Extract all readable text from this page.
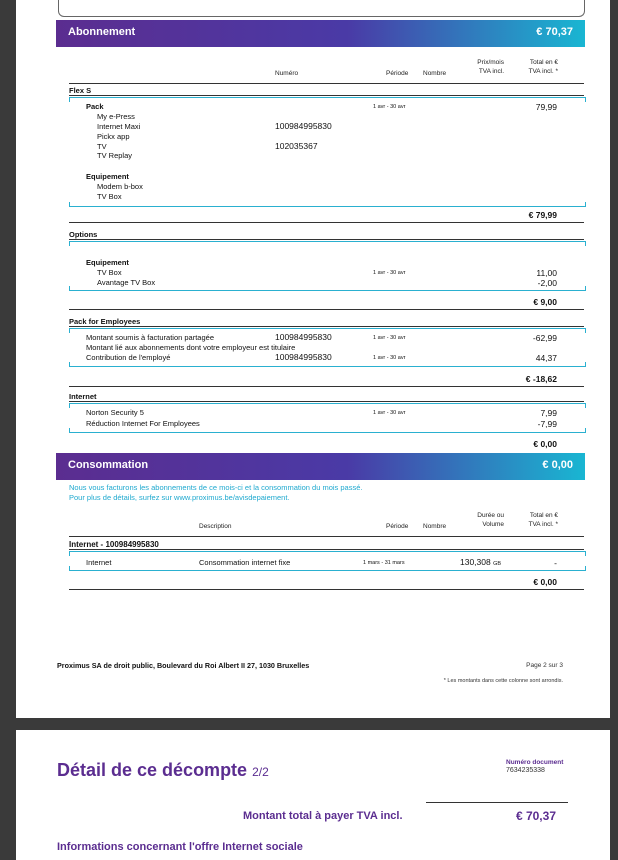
Abonnement	€ 70,37
Numéro	Période Nombre
Prix/mois
TVA incl.
Total en €
TVA incl. *
Flex S
Pack	1 avr - 30 avr	79,99
My e-Press
Internet Maxi	100984995830
Pickx app
TV	102035367
TV Replay
Equipement
Modem b-box
TV Box
€ 79,99
Options
Equipement
TV Box	1 avr - 30 avr	11,00
Avantage TV Box	-2,00
€ 9,00
Pack for Employees
Montant soumis à facturation partagée	100984995830	1 avr - 30 avr	-62,99
Montant lié aux abonnements dont votre employeur est titulaire
Contribution de l'employé	100984995830	1 avr - 30 avr	44,37
€ -18,62
Internet
Norton Security 5	1 avr - 30 avr	7,99
Réduction Internet For Employees	-7,99
€ 0,00
Consommation	€ 0,00
Nous vous facturons les abonnements de ce mois-ci et la consommation du mois passé.
Pour plus de détails, surfez sur www.proximus.be/avisdepaiement.
Description	Période Nombre
Durée ou
Volume
Total en €
TVA incl. *
Internet - 100984995830
Internet	Consommation internet fixe	1 mars - 31 mars	130,308 GB	-
€ 0,00
Proximus SA de droit public, Boulevard du Roi Albert II 27, 1030 Bruxelles	Page 2 sur 3
* Les montants dans cette colonne sont arrondis.
Détail de ce décompte 2/2
Numéro document
7634235338
Montant total à payer TVA incl.	€ 70,37
Informations concernant l'offre Internet sociale
